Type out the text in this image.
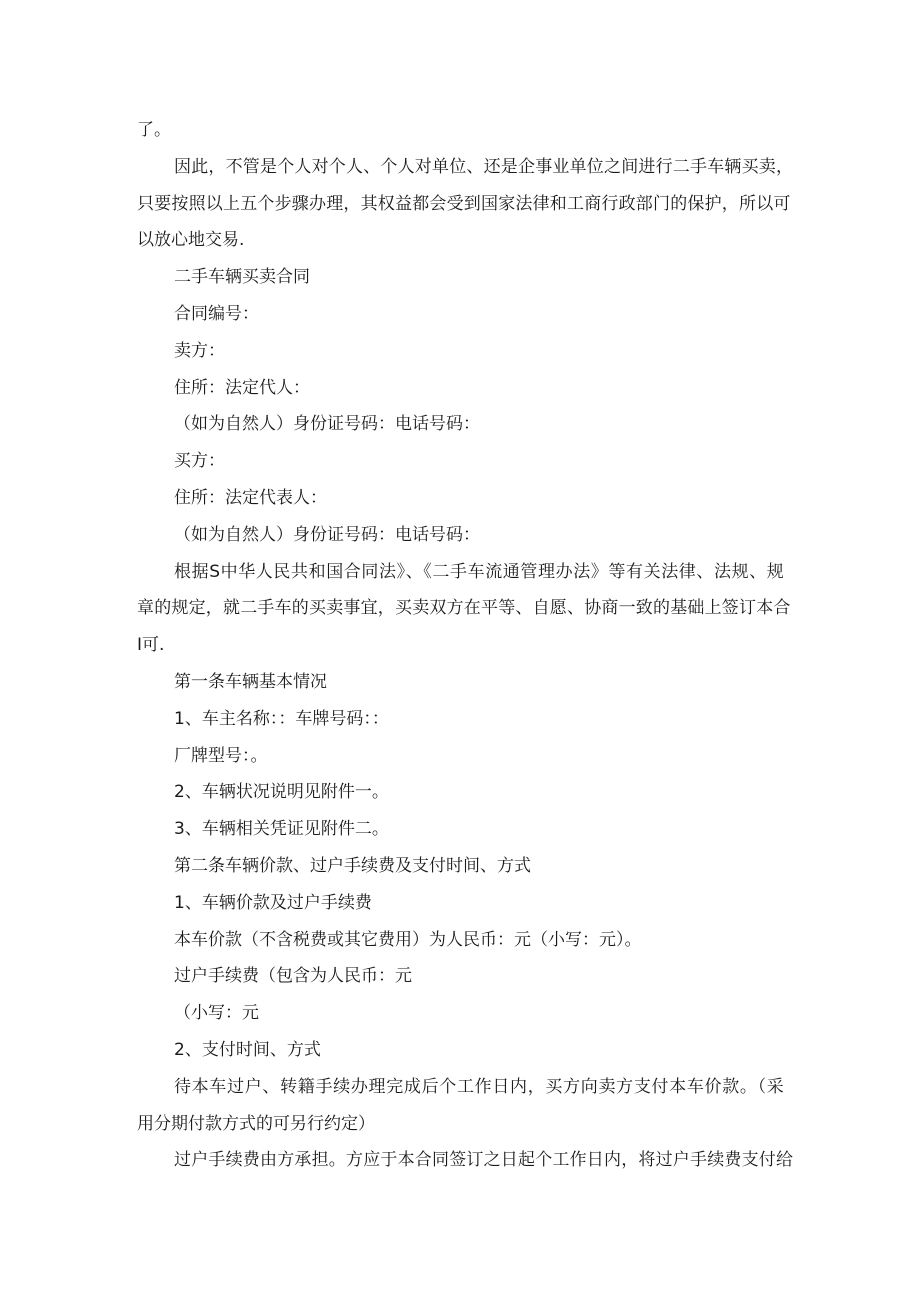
了。
因此，不管是个人对个人、个人对单位、还是企事业单位之间进行二手车辆买卖，
只要按照以上五个步骤办理，其权益都会受到国家法律和工商行政部门的保护，所以可
以放心地交易.
二手车辆买卖合同
合同编号：
卖方：
住所：法定代人：
（如为自然人）身份证号码：电话号码：
买方：
住所：法定代表人：
（如为自然人）身份证号码：电话号码：
根据S中华人民共和国合同法》、《二手车流通管理办法》等有关法律、法规、规
章的规定，就二手车的买卖事宜，买卖双方在平等、自愿、协商一致的基础上签订本合
I可.
第一条车辆基本情况
1、车主名称：：车牌号码：：
厂牌型号：。
2、车辆状况说明见附件一。
3、车辆相关凭证见附件二。
第二条车辆价款、过户手续费及支付时间、方式
1、车辆价款及过户手续费
本车价款（不含税费或其它费用）为人民币：元（小写：元）。
过户手续费（包含为人民币：元
（小写：元
2、支付时间、方式
待本车过户、转籍手续办理完成后个工作日内，买方向卖方支付本车价款。（采
用分期付款方式的可另行约定）
过户手续费由方承担。方应于本合同签订之日起个工作日内，将过户手续费支付给
